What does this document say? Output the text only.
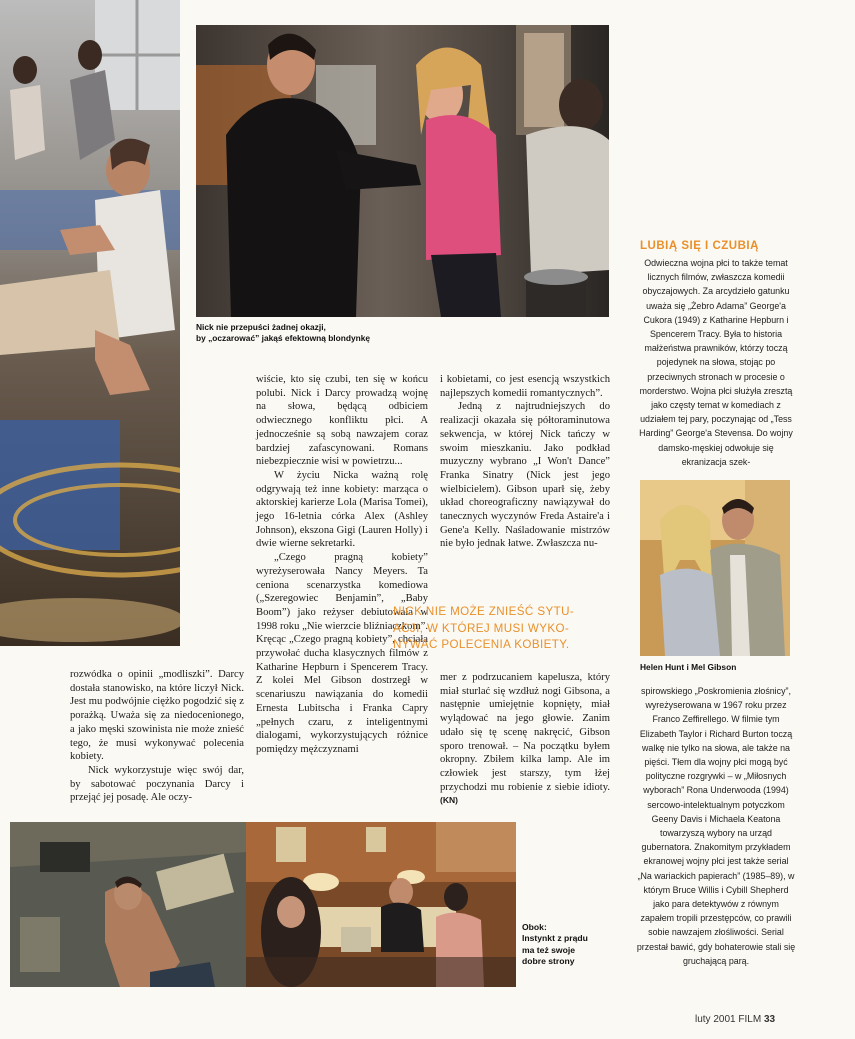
Nick nie przepuści żadnej okazji,
by „oczarować” jakąś efektowną blondynkę
Helen Hunt i Mel Gibson
Obok:
Instynkt z prądu
ma też swoje
dobre strony

rozwódka o opinii „modliszki”. Darcy dostała stanowisko, na które liczył Nick. Jest mu podwójnie ciężko pogodzić się z porażką. Uważa się za niedocenionego, a jako męski szowinista nie może znieść tego, że musi wykonywać polecenia kobiety.

Nick wykorzystuje więc swój dar, by sabotować poczynania Darcy i przejąć jej posadę. Ale oczy-

wiście, kto się czubi, ten się w końcu polubi. Nick i Darcy prowadzą wojnę na słowa, będącą odbiciem odwiecznego konfliktu płci. A jednocześnie są sobą nawzajem coraz bardziej zafascynowani. Romans niebezpiecznie wisi w powietrzu...

W życiu Nicka ważną rolę odgrywają też inne kobiety: marząca o aktorskiej karierze Lola (Marisa Tomei), jego 16-letnia córka Alex (Ashley Johnson), ekszona Gigi (Lauren Holly) i dwie wierne sekretarki.

„Czego pragną kobiety” wyreżyserowała Nancy Meyers. Ta ceniona scenarzystka komediowa („Szeregowiec Benjamin”, „Baby Boom”) jako reżyser debiutowała w 1998 roku „Nie wierzcie bliźniaczkom”. Kręcąc „Czego pragną kobiety”, chciała przywołać ducha klasycznych filmów z Katharine Hepburn i Spencerem Tracy. Z kolei Mel Gibson dostrzegł w scenariuszu nawiązania do komedii Ernesta Lubitscha i Franka Capry „pełnych czaru, z inteligentnymi dialogami, wykorzystujących różnice pomiędzy mężczyznami

i kobietami, co jest esencją wszystkich najlepszych komedii romantycznych”.

Jedną z najtrudniejszych do realizacji okazała się półtoraminutowa sekwencja, w której Nick tańczy w swoim mieszkaniu. Jako podkład muzyczny wybrano „I Won't Dance” Franka Sinatry (Nick jest jego wielbicielem). Gibson uparł się, żeby układ choreograficzny nawiązywał do tanecznych wyczynów Freda Astaire'a i Gene'a Kelly. Naśladowanie mistrzów nie było jednak łatwe. Zwłaszcza nu-

NICK NIE MOŻE ZNIEŚĆ SYTU-
ACJI, W KTÓREJ MUSI WYKO-
NYWAĆ POLECENIA KOBIETY.

mer z podrzucaniem kapelusza, który miał sturlać się wzdłuż nogi Gibsona, a następnie umiejętnie kopnięty, miał wylądować na jego głowie. Zanim udało się tę scenę nakręcić, Gibson sporo trenował. – Na początku byłem okropny. Zbiłem kilka lamp. Ale im człowiek jest starszy, tym łżej przychodzi mu robienie z siebie idioty. (KN)

LUBIĄ SIĘ I CZUBIĄ

Odwieczna wojna płci to także temat licznych filmów, zwłaszcza komedii obyczajowych. Za arcydzieło gatunku uważa się „Żebro Adama” George'a Cukora (1949) z Katharine Hepburn i Spencerem Tracy. Była to historia małżeństwa prawników, którzy toczą pojedynek na słowa, stojąc po przeciwnych stronach w procesie o morderstwo. Wojna płci służyła zresztą jako częsty temat w komediach z udziałem tej pary, poczynając od „Tess Harding” George'a Stevensa. Do wojny damsko-męskiej odwołuje się ekranizacja szek-

spirowskiego „Poskromienia złośnicy”, wyreżyserowana w 1967 roku przez Franco Zeffirellego. W filmie tym Elizabeth Taylor i Richard Burton toczą walkę nie tylko na słowa, ale także na pięści. Tłem dla wojny płci mogą być polityczne rozgrywki – w „Miłosnych wyborach” Rona Underwooda (1994) sercowo-intelektualnym potyczkom Geeny Davis i Michaela Keatona towarzyszą wybory na urząd gubernatora. Znakomitym przykładem ekranowej wojny płci jest także serial „Na wariackich papierach” (1985–89), w którym Bruce Willis i Cybill Shepherd jako para detektywów z równym zapałem tropili przestępców, co prawili sobie nawzajem złośliwości. Serial przestał bawić, gdy bohaterowie stali się gruchającą parą.

luty 2001 FILM 33
